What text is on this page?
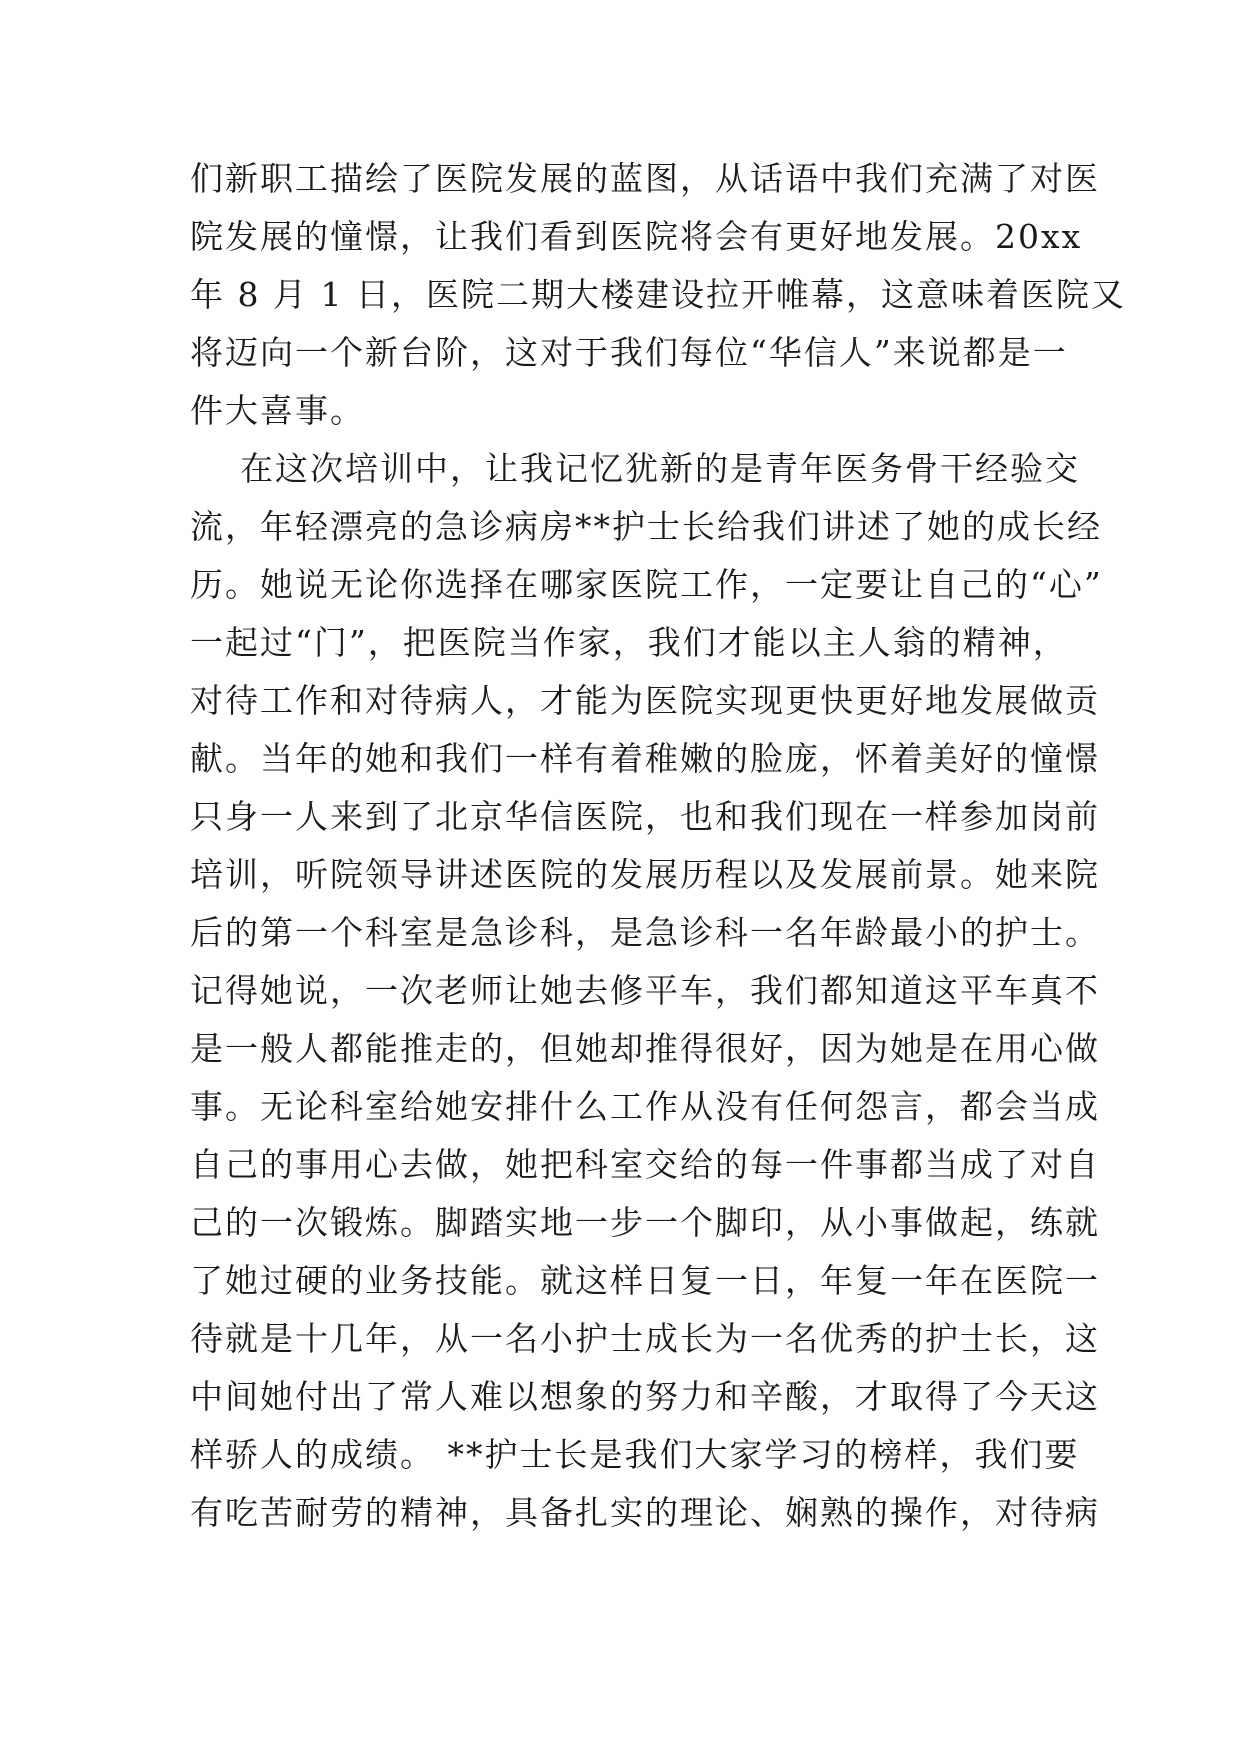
们新职工描绘了医院发展的蓝图，从话语中我们充满了对医
院发展的憧憬，让我们看到医院将会有更好地发展。20xx
年 8 月 1 日，医院二期大楼建设拉开帷幕，这意味着医院又
将迈向一个新台阶，这对于我们每位“华信人”来说都是一
件大喜事。
在这次培训中，让我记忆犹新的是青年医务骨干经验交
流，年轻漂亮的急诊病房**护士长给我们讲述了她的成长经
历。她说无论你选择在哪家医院工作，一定要让自己的“心”
一起过“门”，把医院当作家，我们才能以主人翁的精神，
对待工作和对待病人，才能为医院实现更快更好地发展做贡
献。当年的她和我们一样有着稚嫩的脸庞，怀着美好的憧憬
只身一人来到了北京华信医院，也和我们现在一样参加岗前
培训，听院领导讲述医院的发展历程以及发展前景。她来院
后的第一个科室是急诊科，是急诊科一名年龄最小的护士。
记得她说，一次老师让她去修平车，我们都知道这平车真不
是一般人都能推走的，但她却推得很好，因为她是在用心做
事。无论科室给她安排什么工作从没有任何怨言，都会当成
自己的事用心去做，她把科室交给的每一件事都当成了对自
己的一次锻炼。脚踏实地一步一个脚印，从小事做起，练就
了她过硬的业务技能。就这样日复一日，年复一年在医院一
待就是十几年，从一名小护士成长为一名优秀的护士长，这
中间她付出了常人难以想象的努力和辛酸，才取得了今天这
样骄人的成绩。 **护士长是我们大家学习的榜样，我们要
有吃苦耐劳的精神，具备扎实的理论、娴熟的操作，对待病
